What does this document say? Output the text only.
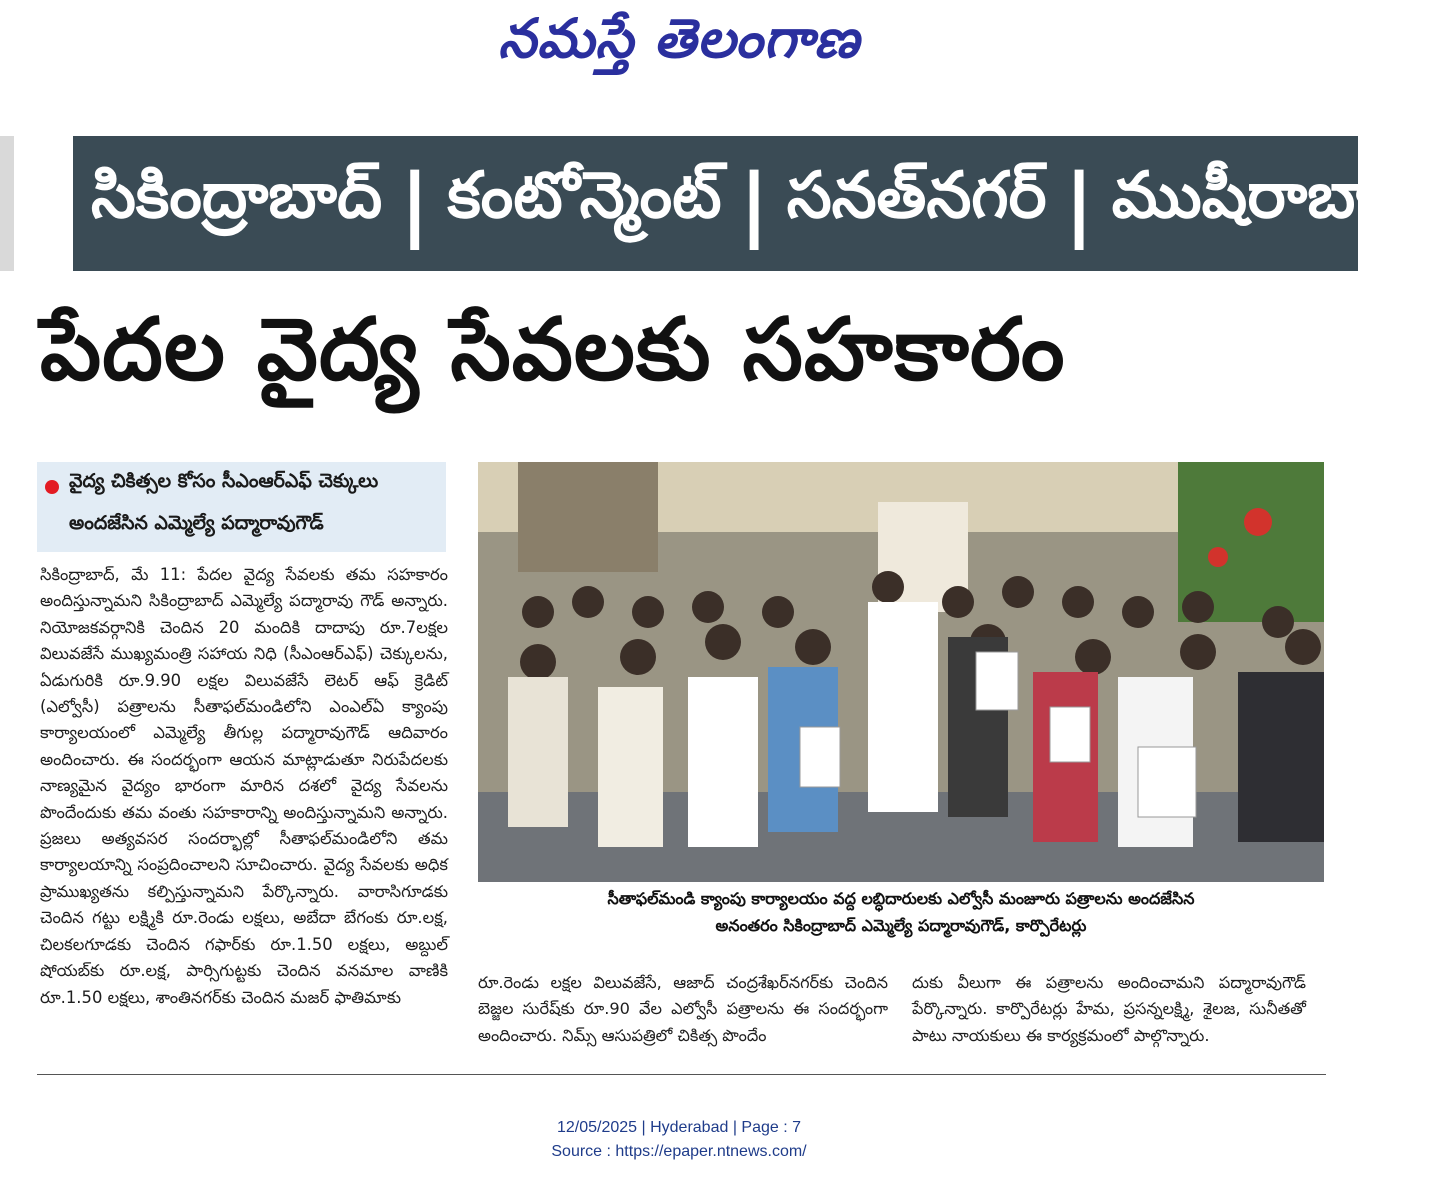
నమస్తే తెలంగాణ
సికింద్రాబాద్ | కంటోన్మెంట్ | సనత్‌నగర్ | ముషీరాబాద్
పేదల వైద్య సేవలకు సహకారం
వైద్య చికిత్సల కోసం సీఎంఆర్‌ఎఫ్ చెక్కులు
అందజేసిన ఎమ్మెల్యే పద్మారావుగౌడ్
సికింద్రాబాద్, మే 11: పేదల వైద్య సేవలకు తమ సహకారం అందిస్తున్నామని సికింద్రాబాద్ ఎమ్మెల్యే పద్మారావు గౌడ్ అన్నారు. నియోజకవర్గానికి చెందిన 20 మందికి దాదాపు రూ.7లక్షల విలువజేసే ముఖ్యమంత్రి సహాయ నిధి (సీఎంఆర్‌ఎఫ్) చెక్కులను, ఏడుగురికి రూ.9.90 లక్షల విలువజేసే లెటర్ ఆఫ్ క్రెడిట్ (ఎల్వోసీ) పత్రాలను సీతాఫల్‌మండిలోని ఎంఎల్‌ఏ క్యాంపు కార్యాలయంలో ఎమ్మెల్యే తీగుల్ల పద్మారావుగౌడ్ ఆదివారం అందించారు. ఈ సందర్భంగా ఆయన మాట్లాడుతూ నిరుపేదలకు నాణ్యమైన వైద్యం భారంగా మారిన దశలో వైద్య సేవలను పొందేందుకు తమ వంతు సహకారాన్ని అందిస్తున్నామని అన్నారు. ప్రజలు అత్యవసర సందర్భాల్లో సీతాఫల్‌మండిలోని తమ కార్యాలయాన్ని సంప్రదించాలని సూచించారు. వైద్య సేవలకు అధిక ప్రాముఖ్యతను కల్పిస్తున్నామని పేర్కొన్నారు. వారాసిగూడకు చెందిన గట్టు లక్ష్మికి రూ.రెండు లక్షలు, అబేదా బేగంకు రూ.లక్ష, చిలకలగూడకు చెందిన గఫార్‌కు రూ.1.50 లక్షలు, అబ్దుల్ షోయబ్‌కు రూ.లక్ష, పార్సిగుట్టకు చెందిన వనమాల వాణికి రూ.1.50 లక్షలు, శాంతినగర్‌కు చెందిన మజర్ ఫాతిమాకు
సీతాఫల్‌మండి క్యాంపు కార్యాలయం వద్ద లబ్ధిదారులకు ఎల్వోసీ మంజూరు పత్రాలను అందజేసిన
అనంతరం సికింద్రాబాద్ ఎమ్మెల్యే పద్మారావుగౌడ్, కార్పొరేటర్లు
రూ.రెండు లక్షల విలువజేసే, ఆజాద్ చంద్రశేఖర్‌నగర్‌కు చెందిన బెజ్జల సురేష్‌కు రూ.90 వేల ఎల్వోసీ పత్రాలను ఈ సందర్భంగా అందించారు. నిమ్స్ ఆసుపత్రిలో చికిత్స పొందేం
దుకు వీలుగా ఈ పత్రాలను అందించామని పద్మారావుగౌడ్ పేర్కొన్నారు. కార్పొరేటర్లు హేమ, ప్రసన్నలక్ష్మి, శైలజ, సునీతతో పాటు నాయకులు ఈ కార్యక్రమంలో పాల్గొన్నారు.
12/05/2025 | Hyderabad | Page : 7
Source : https://epaper.ntnews.com/
